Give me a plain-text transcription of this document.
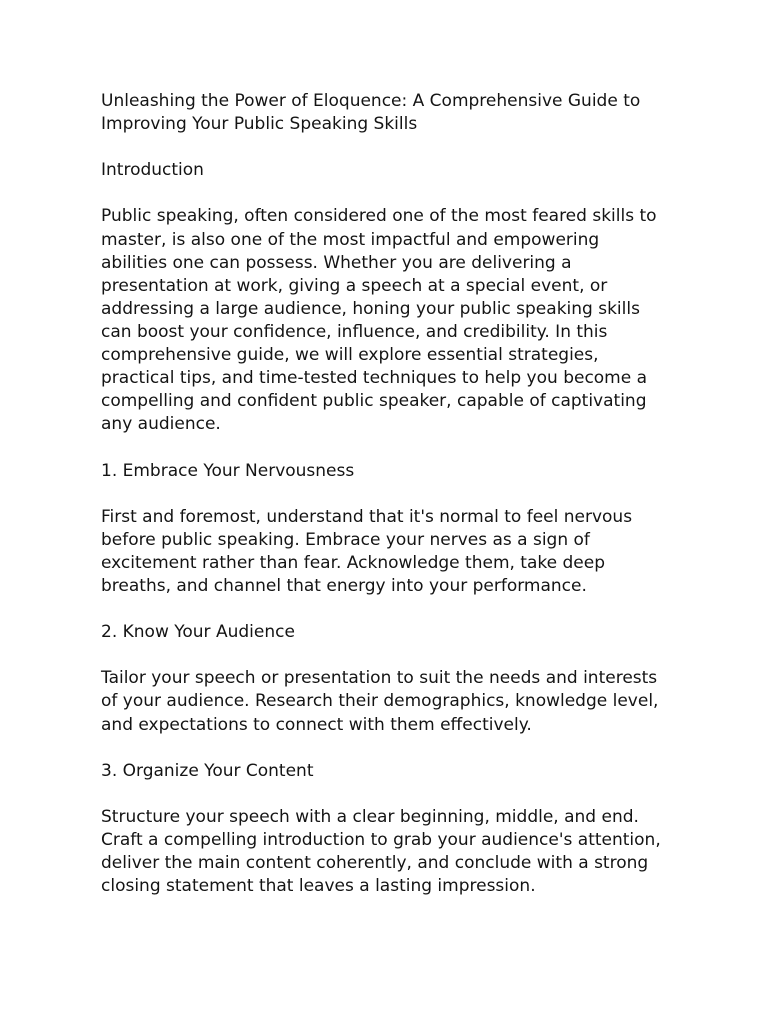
Unleashing the Power of Eloquence: A Comprehensive Guide to
Improving Your Public Speaking Skills
Introduction
Public speaking, often considered one of the most feared skills to
master, is also one of the most impactful and empowering
abilities one can possess. Whether you are delivering a
presentation at work, giving a speech at a special event, or
addressing a large audience, honing your public speaking skills
can boost your confidence, influence, and credibility. In this
comprehensive guide, we will explore essential strategies,
practical tips, and time-tested techniques to help you become a
compelling and confident public speaker, capable of captivating
any audience.
1. Embrace Your Nervousness
First and foremost, understand that it's normal to feel nervous
before public speaking. Embrace your nerves as a sign of
excitement rather than fear. Acknowledge them, take deep
breaths, and channel that energy into your performance.
2. Know Your Audience
Tailor your speech or presentation to suit the needs and interests
of your audience. Research their demographics, knowledge level,
and expectations to connect with them effectively.
3. Organize Your Content
Structure your speech with a clear beginning, middle, and end.
Craft a compelling introduction to grab your audience's attention,
deliver the main content coherently, and conclude with a strong
closing statement that leaves a lasting impression.
